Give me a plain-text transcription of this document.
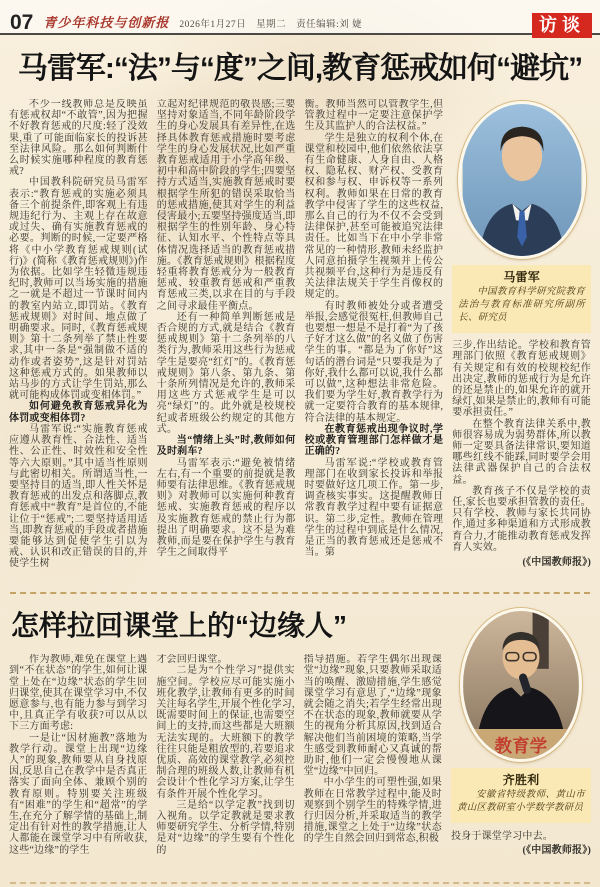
07 青少年科技与创新报 2026年1月27日 星期二 责任编辑:刘 婕	访谈
马雷军:“法”与“度”之间,教育惩戒如何“避坑”

不少一线教师总是反映虽有惩戒权却“不敢管”,因为把握不好教育惩戒的尺度:轻了没效果,重了可能面临家长的投诉甚至法律风险。那么如何判断什么时候实施哪种程度的教育惩戒?

中国教科院研究员马雷军表示:“教育惩戒的实施必须具备三个前提条件,即客观上有违规违纪行为、主观上存在故意或过失、确有实施教育惩戒的必要。判断的时候,一定要严格将《中小学教育惩戒规则(试行)》(简称《教育惩戒规则》)作为依据。比如学生轻微违规违纪时,教师可以当场实施的措施之一就是不超过一节课时间内的教室内站立,即罚站。《教育惩戒规则》对时间、地点做了明确要求。同时,《教育惩戒规则》第十二条列举了禁止性要求,其中一条是“强制做不适的动作或者姿势”,这是针对罚站这种惩戒方式的。如果教师以站马步的方式让学生罚站,那么就可能构成体罚或变相体罚。”

如何避免教育惩戒异化为体罚或变相体罚?

马雷军说:“实施教育惩戒应遵从教育性、合法性、适当性、公正性、时效性和安全性等六大原则。”其中适当性原则与此密切相关。所谓适当性,一要坚持目的适当,即人性关怀是教育惩戒的出发点和落脚点,教育惩戒中“教育”是首位的,不能让位于“惩戒”;二要坚持适用适当,即教育惩戒的手段或者措施要能够达到促使学生引以为戒、认识和改正错误的目的,并使学生树

立起对纪律规范的敬畏感;三要坚持对象适当,不同年龄阶段学生的身心发展具有差异性,在选择具体教育惩戒措施时要考虑学生的身心发展状况,比如严重教育惩戒适用于小学高年级、初中和高中阶段的学生;四要坚持方式适当,实施教育惩戒时要根据学生所犯的错误采取恰当的惩戒措施,使其对学生的利益侵害最小;五要坚持强度适当,即根据学生的性别年龄、身心特征、认知水平、个性特点等具体情况选择适当的教育惩戒措施。《教育惩戒规则》根据程度轻重将教育惩戒分为一般教育惩戒、较重教育惩戒和严重教育惩戒三类,以求在目的与手段之间寻求最佳平衡点。

还有一种简单判断惩戒是否合规的方式,就是结合《教育惩戒规则》第十二条列举的八类行为,教师采用这些行为惩戒学生是要亮“红灯”的。《教育惩戒规则》第八条、第九条、第十条所列情况是允许的,教师采用这些方式惩戒学生是可以亮“绿灯”的。此外就是校规校纪或者班级公约规定的其他方式。

当“情绪上头”时,教师如何及时刹车?

马雷军表示:“避免被情绪左右,有一个重要的前提就是教师要有法律思维。《教育惩戒规则》对教师可以实施何种教育惩戒、实施教育惩戒的程序以及实施教育惩戒的禁止行为都提出了明确要求。这不是为难教师,而是要在保护学生与教育学生之间取得平

衡。教师当然可以管教学生,但管教过程中一定要注意保护学生及其监护人的合法权益。”

学生是独立的权利个体,在课堂和校园中,他们依然依法享有生命健康、人身自由、人格权、隐私权、财产权、受教育权和参与权、申诉权等一系列权利。教师如果在日常的教育教学中侵害了学生的这些权益,那么自己的行为不仅不会受到法律保护,甚至可能被追究法律责任。比如当下在中小学非常常见的一种情形,教师未经监护人同意拍摄学生视频并上传公共视频平台,这种行为是违反有关法律法规关于学生肖像权的规定的。

有时教师被处分或者遭受举报,会感觉很冤枉,但教师自己也要想一想是不是打着“为了孩子好才这么做”的名义做了伤害学生的事。“都是为了你好”这句话的潜台词是“只要我是为了你好,我什么都可以说,我什么都可以做”,这种想法非常危险。我们要为学生好,教育教学行为就一定要符合教育的基本规律,符合法律的基本规定。

在教育惩戒出现争议时,学校或教育管理部门怎样做才是正确的?

马雷军说:“学校或教育管理部门在收到家长投诉和举报时要做好这几项工作。第一步,调查核实事实。这提醒教师日常教育教学过程中要有证据意识。第二步,定性。教师在管理学生的过程中到底是什么情况,是正当的教育惩戒还是惩戒不当。第

马雷军
中国教育科学研究院教育法治与教育标准研究所副所长、研究员

三步,作出结论。学校和教育管理部门依照《教育惩戒规则》有关规定和有效的校规校纪作出决定,教师的惩戒行为是允许的还是禁止的,如果允许的就开绿灯,如果是禁止的,教师有可能要承担责任。”

在整个教育法律关系中,教师很容易成为弱势群体,所以教师一定要具备法律常识,要知道哪些红线不能踩,同时要学会用法律武器保护自己的合法权益。

教育孩子不仅是学校的责任,家长也要承担管教的责任。只有学校、教师与家长共同协作,通过多种渠道和方式形成教育合力,才能推动教育惩戒发挥育人实效。

(《中国教师报》)

怎样拉回课堂上的“边缘人”

作为教师,难免在课堂上遇到“不在状态”的学生,如何让课堂上处在“边缘”状态的学生回归课堂,使其在课堂学习中,不仅愿意参与,也有能力参与到学习中,且真正学有收获?可以从以下三方面考虑:

一是让“因材施教”落地为教学行动。课堂上出现“边缘人”的现象,教师要从自身找原因,反思自己在教学中是否真正落实了面向全体、兼顾个别的教育原则。特别要关注班级有“困难”的学生和“超常”的学生,在充分了解学情的基础上,制定出有针对性的教学措施,让人人都能在课堂学习中有所收获,这些“边缘”的学生

才会回归课堂。

二是为“个性学习”提供实施空间。学校应尽可能实施小班化教学,让教师有更多的时间关注每名学生,开展个性化学习,既需要时间上的保证,也需要空间上的支持,而这些都是大班额无法实现的。大班额下的教学往往只能是粗放型的,若要追求优质、高效的课堂教学,必须控制合理的班级人数,让教师有机会设计个性化学习方案,让学生有条件开展个性化学习。

三是给“以学定教”找到切入视角。以学定教就是要求教师要研究学生、分析学情,特别是对“边缘”的学生要有个性化的

指导措施。若学生偶尔出现课堂“边缘”现象,只要教师采取适当的唤醒、激励措施,学生感觉课堂学习有意思了,“边缘”现象就会随之消失;若学生经常出现不在状态的现象,教师就要从学生的视角分析其原因,找到适合解决他们当前困境的策略,当学生感受到教师耐心又真诚的帮助时,他们一定会慢慢地从课堂“边缘”中回归。

中小学生的可塑性强,如果教师在日常教学过程中,能及时观察到个别学生的特殊学情,进行归因分析,并采取适当的教学措施,课堂之上处于“边缘”状态的学生自然会回归到常态,积极

教育学
齐胜利
安徽省特级教师、黄山市黄山区教研室小学数学教研员

投身于课堂学习中去。

(《中国教师报》)
